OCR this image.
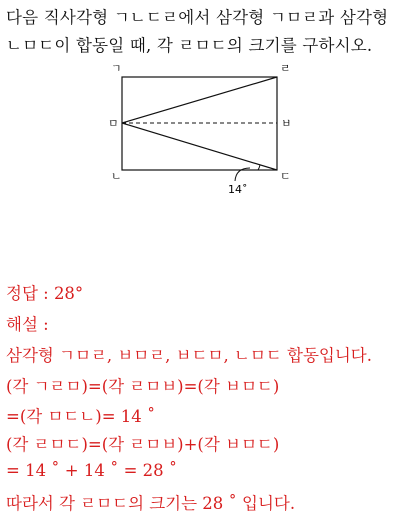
다음 직사각형 ㄱㄴㄷㄹ에서 삼각형 ㄱㅁㄹ과 삼각형
ㄴㅁㄷ이 합동일 때, 각 ㄹㅁㄷ의 크기를 구하시오.
ㄱ	ㄹ
ㅁ	ㅂ
ㄴ	ㄷ
14˚
정답 : 28°
해설 :
삼각형 ㄱㅁㄹ, ㅂㅁㄹ, ㅂㄷㅁ, ㄴㅁㄷ 합동입니다.
(각 ㄱㄹㅁ)=(각 ㄹㅁㅂ)=(각 ㅂㅁㄷ)
=(각 ㅁㄷㄴ)= 14 ˚
(각 ㄹㅁㄷ)=(각 ㄹㅁㅂ)+(각 ㅂㅁㄷ)
= 14 ˚ + 14 ˚ = 28 ˚
따라서 각 ㄹㅁㄷ의 크기는 28 ˚ 입니다.
